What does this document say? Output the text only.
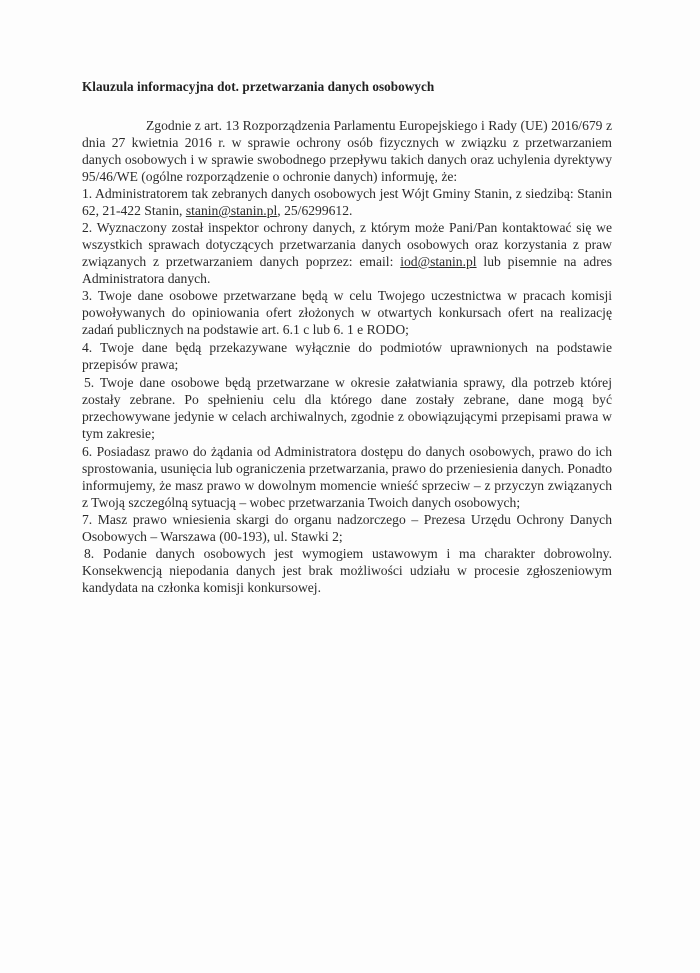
Klauzula informacyjna dot. przetwarzania danych osobowych

Zgodnie z art. 13 Rozporządzenia Parlamentu Europejskiego i Rady (UE) 2016/679 z dnia 27 kwietnia 2016 r. w sprawie ochrony osób fizycznych w związku z przetwarzaniem danych osobowych i w sprawie swobodnego przepływu takich danych oraz uchylenia dyrektywy 95/46/WE (ogólne rozporządzenie o ochronie danych) informuję, że:

1. Administratorem tak zebranych danych osobowych jest Wójt Gminy Stanin, z siedzibą: Stanin 62, 21-422 Stanin, stanin@stanin.pl, 25/6299612.

2. Wyznaczony został inspektor ochrony danych, z którym może Pani/Pan kontaktować się we wszystkich sprawach dotyczących przetwarzania danych osobowych oraz korzystania z praw związanych z przetwarzaniem danych poprzez: email: iod@stanin.pl lub pisemnie na adres Administratora danych.

3. Twoje dane osobowe przetwarzane będą w celu Twojego uczestnictwa w pracach komisji powoływanych do opiniowania ofert złożonych w otwartych konkursach ofert na realizację zadań publicznych na podstawie art. 6.1 c lub 6. 1 e RODO;

4. Twoje dane będą przekazywane wyłącznie do podmiotów uprawnionych na podstawie przepisów prawa;

5. Twoje dane osobowe będą przetwarzane w okresie załatwiania sprawy, dla potrzeb której zostały zebrane. Po spełnieniu celu dla którego dane zostały zebrane, dane mogą być przechowywane jedynie w celach archiwalnych, zgodnie z obowiązującymi przepisami prawa w tym zakresie;

6. Posiadasz prawo do żądania od Administratora dostępu do danych osobowych, prawo do ich sprostowania, usunięcia lub ograniczenia przetwarzania, prawo do przeniesienia danych. Ponadto informujemy, że masz prawo w dowolnym momencie wnieść sprzeciw – z przyczyn związanych z Twoją szczególną sytuacją – wobec przetwarzania Twoich danych osobowych;

7. Masz prawo wniesienia skargi do organu nadzorczego – Prezesa Urzędu Ochrony Danych Osobowych – Warszawa (00-193), ul. Stawki 2;

8. Podanie danych osobowych jest wymogiem ustawowym i ma charakter dobrowolny. Konsekwencją niepodania danych jest brak możliwości udziału w procesie zgłoszeniowym kandydata na członka komisji konkursowej.
